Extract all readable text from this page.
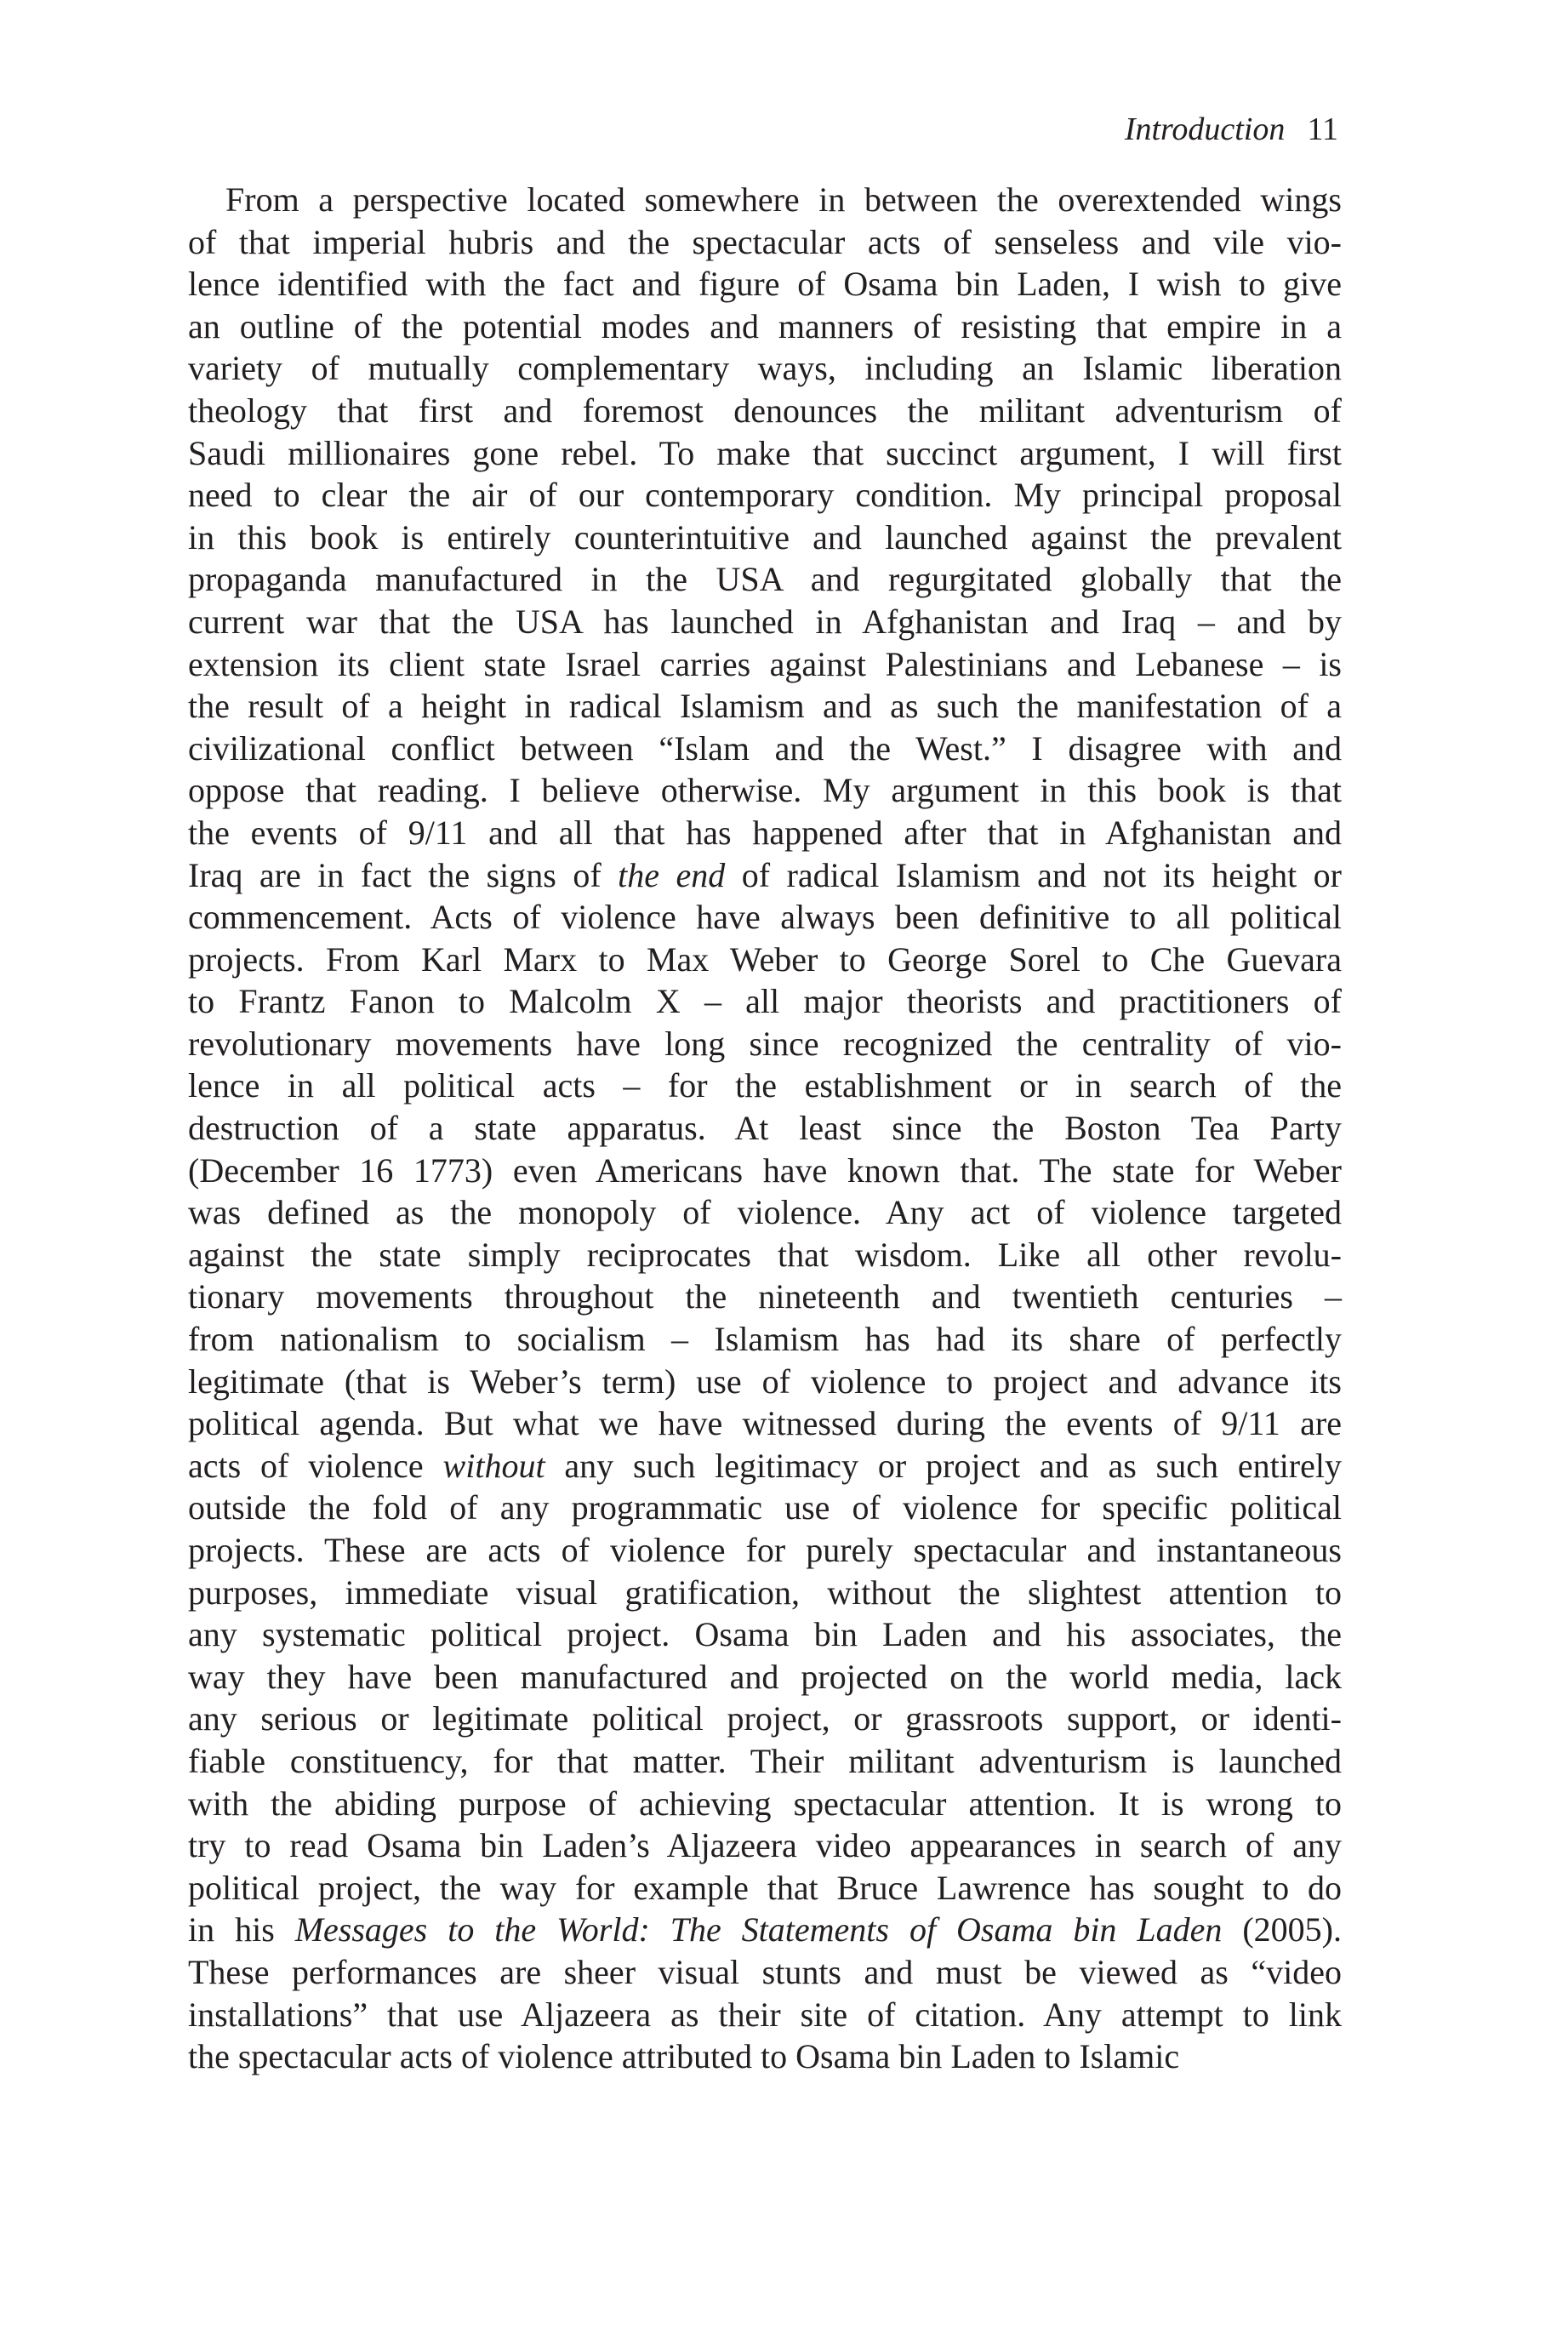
Introduction 11
From a perspective located somewhere in between the overextended wings
of that imperial hubris and the spectacular acts of senseless and vile vio-
lence identified with the fact and figure of Osama bin Laden, I wish to give
an outline of the potential modes and manners of resisting that empire in a
variety of mutually complementary ways, including an Islamic liberation
theology that first and foremost denounces the militant adventurism of
Saudi millionaires gone rebel. To make that succinct argument, I will first
need to clear the air of our contemporary condition. My principal proposal
in this book is entirely counterintuitive and launched against the prevalent
propaganda manufactured in the USA and regurgitated globally that the
current war that the USA has launched in Afghanistan and Iraq – and by
extension its client state Israel carries against Palestinians and Lebanese – is
the result of a height in radical Islamism and as such the manifestation of a
civilizational conflict between “Islam and the West.” I disagree with and
oppose that reading. I believe otherwise. My argument in this book is that
the events of 9/11 and all that has happened after that in Afghanistan and
Iraq are in fact the signs of the end of radical Islamism and not its height or
commencement. Acts of violence have always been definitive to all political
projects. From Karl Marx to Max Weber to George Sorel to Che Guevara
to Frantz Fanon to Malcolm X – all major theorists and practitioners of
revolutionary movements have long since recognized the centrality of vio-
lence in all political acts – for the establishment or in search of the
destruction of a state apparatus. At least since the Boston Tea Party
(December 16 1773) even Americans have known that. The state for Weber
was defined as the monopoly of violence. Any act of violence targeted
against the state simply reciprocates that wisdom. Like all other revolu-
tionary movements throughout the nineteenth and twentieth centuries –
from nationalism to socialism – Islamism has had its share of perfectly
legitimate (that is Weber’s term) use of violence to project and advance its
political agenda. But what we have witnessed during the events of 9/11 are
acts of violence without any such legitimacy or project and as such entirely
outside the fold of any programmatic use of violence for specific political
projects. These are acts of violence for purely spectacular and instantaneous
purposes, immediate visual gratification, without the slightest attention to
any systematic political project. Osama bin Laden and his associates, the
way they have been manufactured and projected on the world media, lack
any serious or legitimate political project, or grassroots support, or identi-
fiable constituency, for that matter. Their militant adventurism is launched
with the abiding purpose of achieving spectacular attention. It is wrong to
try to read Osama bin Laden’s Aljazeera video appearances in search of any
political project, the way for example that Bruce Lawrence has sought to do
in his Messages to the World: The Statements of Osama bin Laden (2005).
These performances are sheer visual stunts and must be viewed as “video
installations” that use Aljazeera as their site of citation. Any attempt to link
the spectacular acts of violence attributed to Osama bin Laden to Islamic
